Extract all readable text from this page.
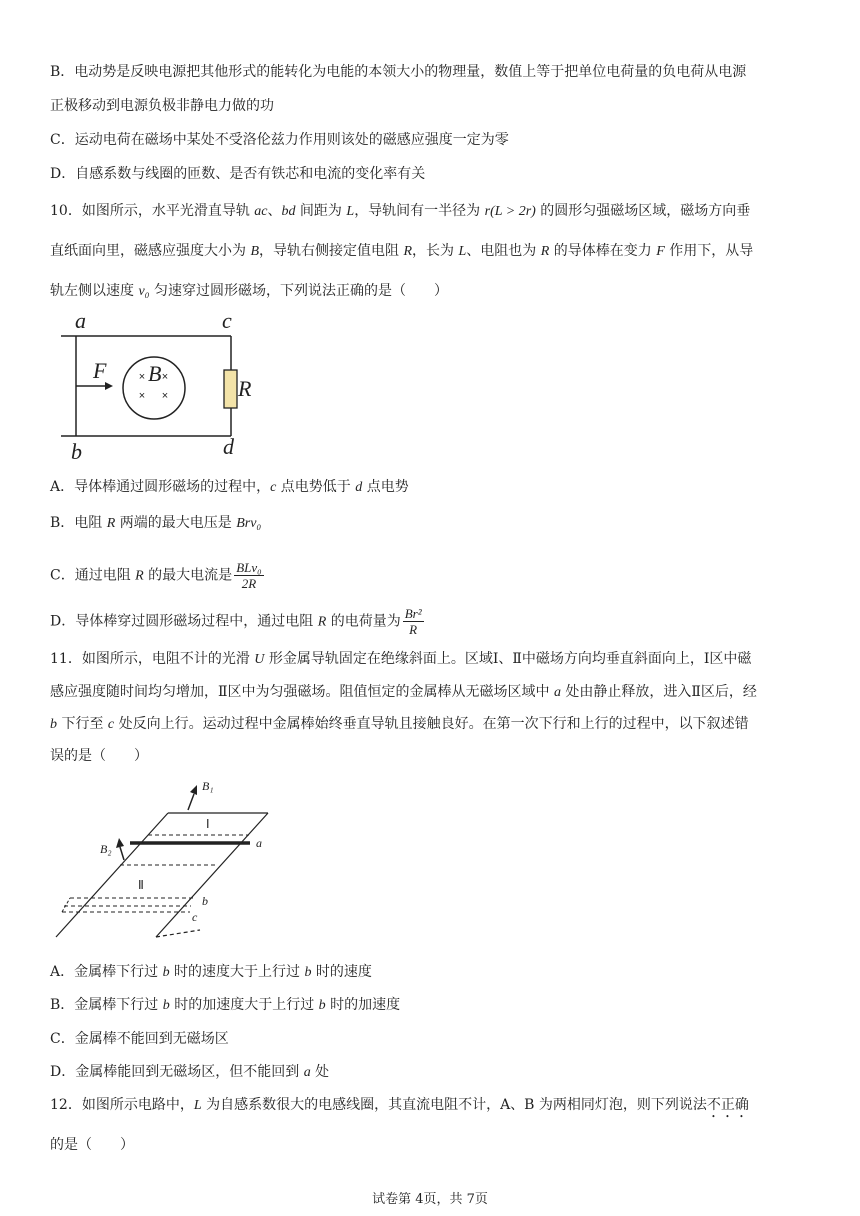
B．电动势是反映电源把其他形式的能转化为电能的本领大小的物理量，数值上等于把单位电荷量的负电荷从电源
正极移动到电源负极非静电力做的功
C．运动电荷在磁场中某处不受洛伦兹力作用则该处的磁感应强度一定为零
D．自感系数与线圈的匝数、是否有铁芯和电流的变化率有关
10．如图所示，水平光滑直导轨 ac、bd 间距为 L，导轨间有一半径为 r(L > 2r) 的圆形匀强磁场区域，磁场方向垂
直纸面向里，磁感应强度大小为 B，导轨右侧接定值电阻 R，长为 L、电阻也为 R 的导体棒在变力 F 作用下，从导
轨左侧以速度 v₀ 匀速穿过圆形磁场，下列说法正确的是（　　）
× ×
× ×
a	c
b	d
F B
R
A．导体棒通过圆形磁场的过程中，c 点电势低于 d 点电势
B．电阻 R 两端的最大电压是 Brv₀
C．通过电阻 R 的最大电流是 $\frac{\text{BLv₀}}{2R}$
D．导体棒穿过圆形磁场过程中，通过电阻 R 的电荷量为 $\frac{\text{Br²}}{R}$
11．如图所示，电阻不计的光滑 U 形金属导轨固定在绝缘斜面上。区域Ⅰ、Ⅱ中磁场方向均垂直斜面向上，Ⅰ区中磁
感应强度随时间均匀增加，Ⅱ区中为匀强磁场。阻值恒定的金属棒从无磁场区域中 a 处由静止释放，进入Ⅱ区后，经
b 下行至 c 处反向上行。运动过程中金属棒始终垂直导轨且接触良好。在第一次下行和上行的过程中，以下叙述错
误的是（　　）
B₁
B₂
Ⅰ
Ⅱ
a
b
c
A．金属棒下行过 b 时的速度大于上行过 b 时的速度
B．金属棒下行过 b 时的加速度大于上行过 b 时的加速度
C．金属棒不能回到无磁场区
D．金属棒能回到无磁场区，但不能回到 a 处
12．如图所示电路中，L 为自感系数很大的电感线圈，其直流电阻不计，A、B 为两相同灯泡，则下列说法不正确
的是（　　）
试卷第 4页，共 7页
